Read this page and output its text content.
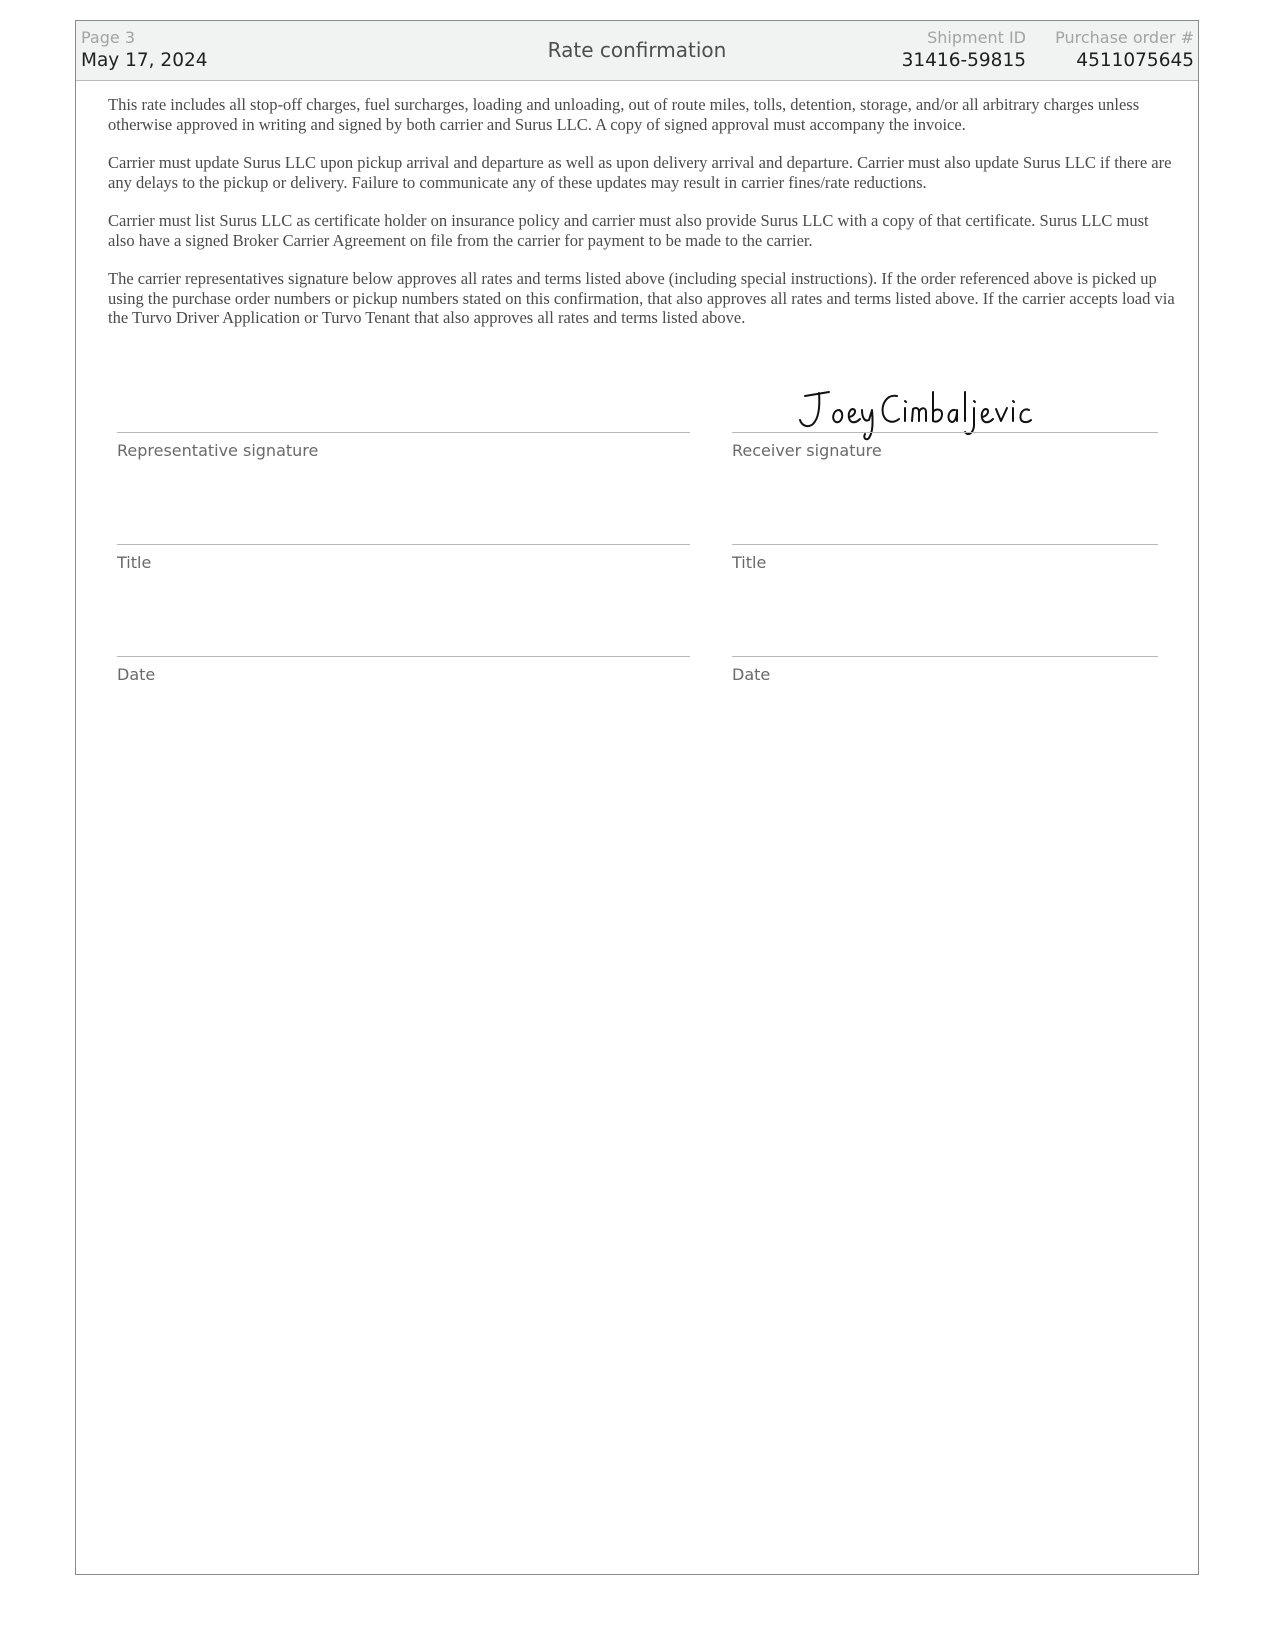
Page 3
May 17, 2024	Rate confirmation
Shipment ID
31416-59815
Purchase order #
4511075645

This rate includes all stop-off charges, fuel surcharges, loading and unloading, out of route miles, tolls, detention, storage, and/or all arbitrary charges unless otherwise approved in writing and signed by both carrier and Surus LLC. A copy of signed approval must accompany the invoice.

Carrier must update Surus LLC upon pickup arrival and departure as well as upon delivery arrival and departure. Carrier must also update Surus LLC if there are any delays to the pickup or delivery. Failure to communicate any of these updates may result in carrier fines/rate reductions.

Carrier must list Surus LLC as certificate holder on insurance policy and carrier must also provide Surus LLC with a copy of that certificate. Surus LLC must also have a signed Broker Carrier Agreement on file from the carrier for payment to be made to the carrier.

The carrier representatives signature below approves all rates and terms listed above (including special instructions). If the order referenced above is picked up using the purchase order numbers or pickup numbers stated on this confirmation, that also approves all rates and terms listed above. If the carrier accepts load via the Turvo Driver Application or Turvo Tenant that also approves all rates and terms listed above.

Representative signature
Title
Date
Receiver signature
Title
Date
